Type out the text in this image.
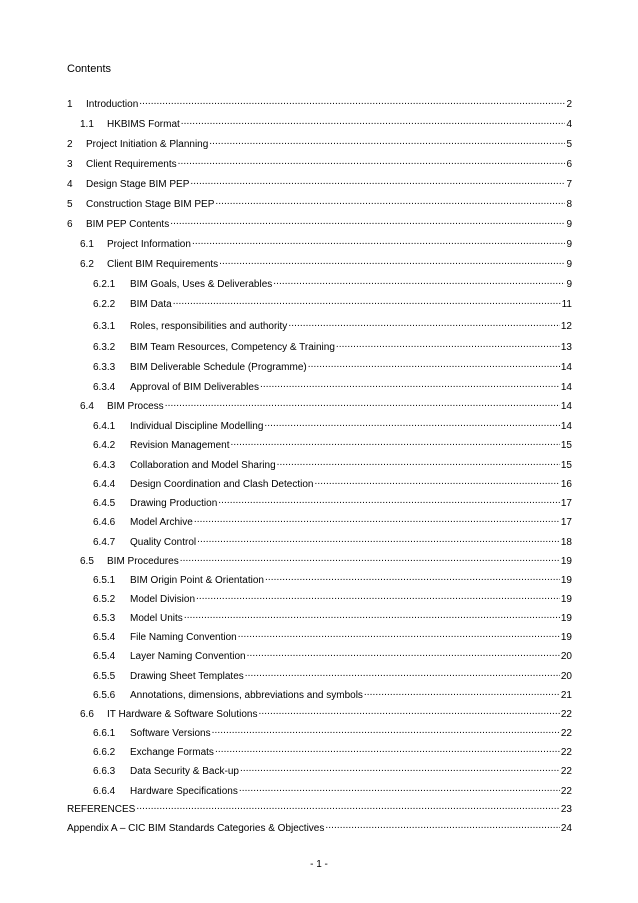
Contents
1	Introduction .....	2
1.1	HKBIMS Format .....	4
2	Project Initiation & Planning .....	5
3	Client Requirements .....	6
4	Design Stage BIM PEP .....	7
5	Construction Stage BIM PEP .....	8
6	BIM PEP Contents .....	9
6.1	Project Information .....	9
6.2	Client BIM Requirements .....	9
6.2.1	BIM Goals, Uses & Deliverables .....	9
6.2.2	BIM Data .....	11
6.3.1	Roles, responsibilities and authority .....	12
6.3.2	BIM Team Resources, Competency & Training .....	13
6.3.3	BIM Deliverable Schedule (Programme) .....	14
6.3.4	Approval of BIM Deliverables .....	14
6.4	BIM Process .....	14
6.4.1	Individual Discipline Modelling .....	14
6.4.2	Revision Management .....	15
6.4.3	Collaboration and Model Sharing .....	15
6.4.4	Design Coordination and Clash Detection .....	16
6.4.5	Drawing Production .....	17
6.4.6	Model Archive .....	17
6.4.7	Quality Control .....	18
6.5	BIM Procedures .....	19
6.5.1	BIM Origin Point & Orientation .....	19
6.5.2	Model Division .....	19
6.5.3	Model Units .....	19
6.5.4	File Naming Convention .....	19
6.5.4	Layer Naming Convention .....	20
6.5.5	Drawing Sheet Templates .....	20
6.5.6	Annotations, dimensions, abbreviations and symbols .....	21
6.6	IT Hardware & Software Solutions .....	22
6.6.1	Software Versions .....	22
6.6.2	Exchange Formats .....	22
6.6.3	Data Security & Back-up .....	22
6.6.4	Hardware Specifications .....	22
REFERENCES .....	23
Appendix A – CIC BIM Standards Categories & Objectives .....	24
- 1 -
